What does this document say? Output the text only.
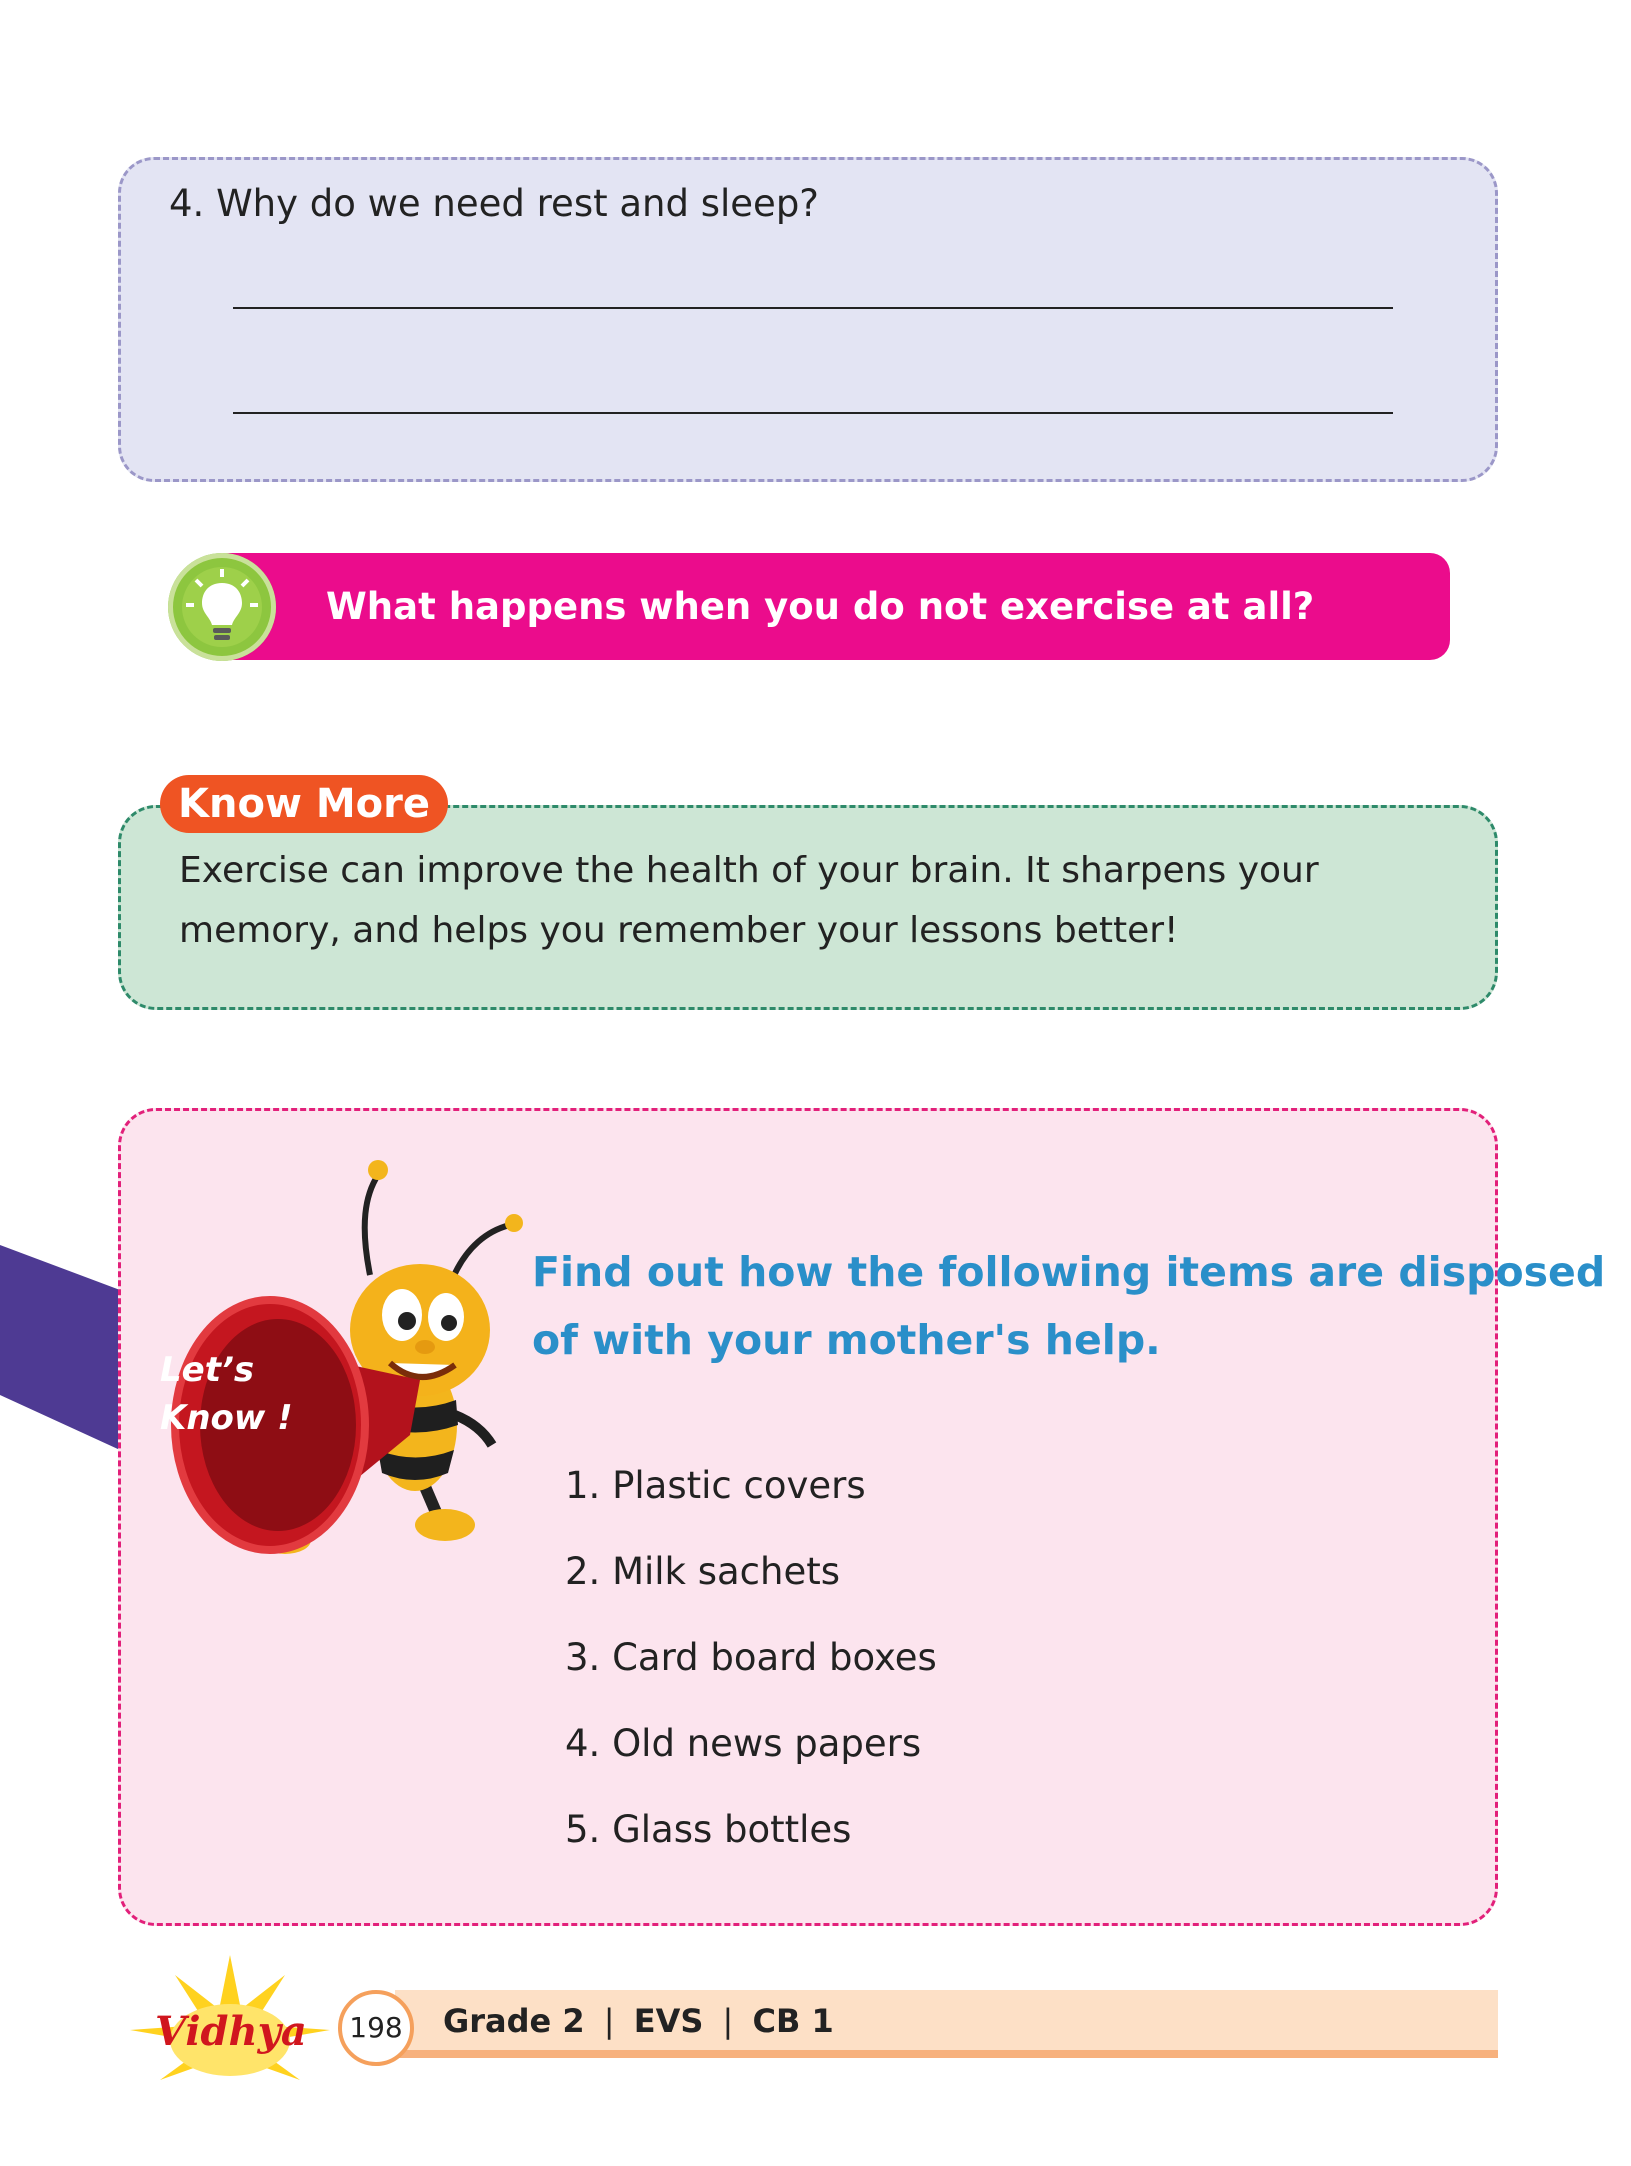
4. Why do we need rest and sleep?
What happens when you do not exercise at all?
Exercise can improve the health of your brain. It sharpens your
memory, and helps you remember your lessons better!
Know More
Let’s
Know !
Find out how the following items are disposed
of with your mother's help.
1. Plastic covers
2. Milk sachets
3. Card board boxes
4. Old news papers
5. Glass bottles
Vidhya	198	Grade 2 | EVS | CB 1
